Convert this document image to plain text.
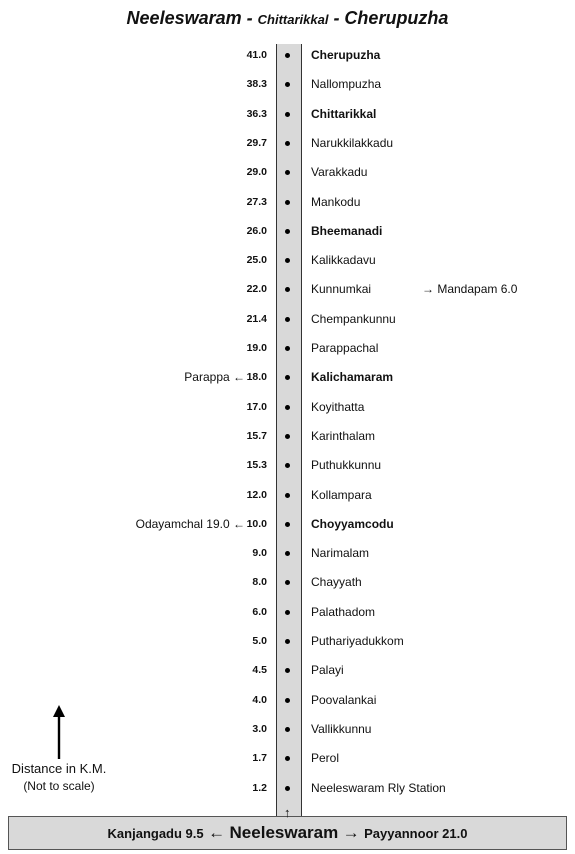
Neeleswaram - Chittarikkal - Cherupuzha
41.0	Cherupuzha
38.3	Nallompuzha
36.3	Chittarikkal
29.7	Narukkilakkadu
29.0	Varakkadu
27.3	Mankodu
26.0	Bheemanadi
25.0	Kalikkadavu
22.0	Kunnumkai	→ Mandapam 6.0
21.4	Chempankunnu
19.0	Parappachal
18.0	Kalichamaram
Parappa ←
17.0	Koyithatta
15.7	Karinthalam
15.3	Puthukkunnu
12.0	Kollampara
10.0	Choyyamcodu
Odayamchal 19.0 ←
9.0	Narimalam
8.0	Chayyath
6.0	Palathadom
5.0	Puthariyadukkom
4.5	Palayi
4.0	Poovalankai
3.0	Vallikkunnu
1.7	Perol
1.2	Neeleswaram Rly Station
↑
Kanjangadu 9.5 ← Neeleswaram → Payyannoor 21.0
Distance in K.M.
(Not to scale)
